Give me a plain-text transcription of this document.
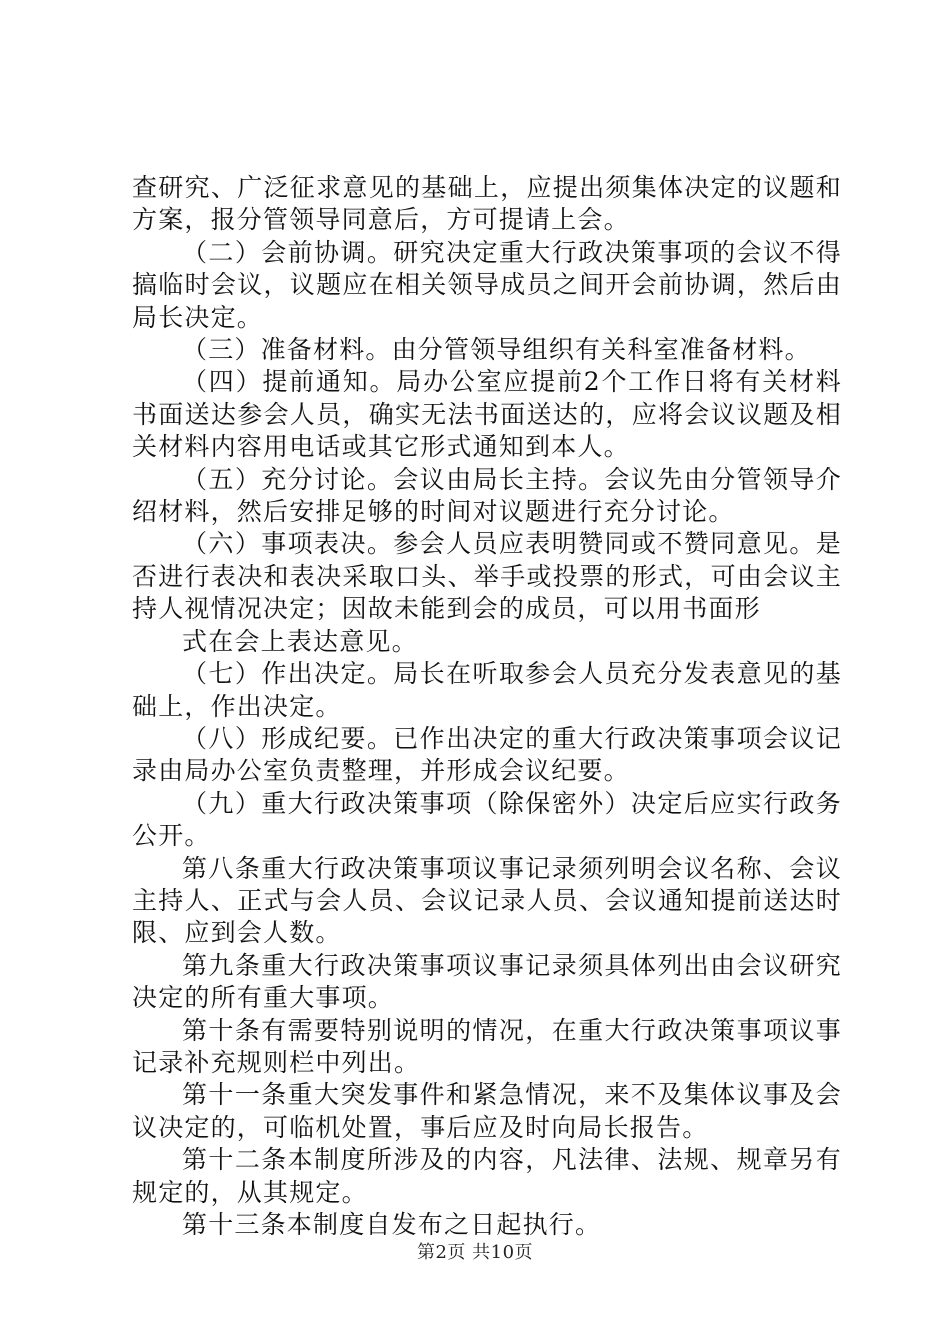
查研究、广泛征求意见的基础上，应提出须集体决定的议题和方案，报分管领导同意后，方可提请上会。

（二）会前协调。研究决定重大行政决策事项的会议不得搞临时会议，议题应在相关领导成员之间开会前协调，然后由局长决定。

（三）准备材料。由分管领导组织有关科室准备材料。

（四）提前通知。局办公室应提前2个工作日将有关材料书面送达参会人员，确实无法书面送达的，应将会议议题及相关材料内容用电话或其它形式通知到本人。

（五）充分讨论。会议由局长主持。会议先由分管领导介绍材料，然后安排足够的时间对议题进行充分讨论。

（六）事项表决。参会人员应表明赞同或不赞同意见。是否进行表决和表决采取口头、举手或投票的形式，可由会议主持人视情况决定；因故未能到会的成员，可以用书面形

式在会上表达意见。

（七）作出决定。局长在听取参会人员充分发表意见的基础上，作出决定。

（八）形成纪要。已作出决定的重大行政决策事项会议记录由局办公室负责整理，并形成会议纪要。

（九）重大行政决策事项（除保密外）决定后应实行政务公开。

第八条重大行政决策事项议事记录须列明会议名称、会议主持人、正式与会人员、会议记录人员、会议通知提前送达时限、应到会人数。

第九条重大行政决策事项议事记录须具体列出由会议研究决定的所有重大事项。

第十条有需要特别说明的情况，在重大行政决策事项议事记录补充规则栏中列出。

第十一条重大突发事件和紧急情况，来不及集体议事及会议决定的，可临机处置，事后应及时向局长报告。

第十二条本制度所涉及的内容，凡法律、法规、规章另有规定的，从其规定。

第十三条本制度自发布之日起执行。

第2页 共10页
